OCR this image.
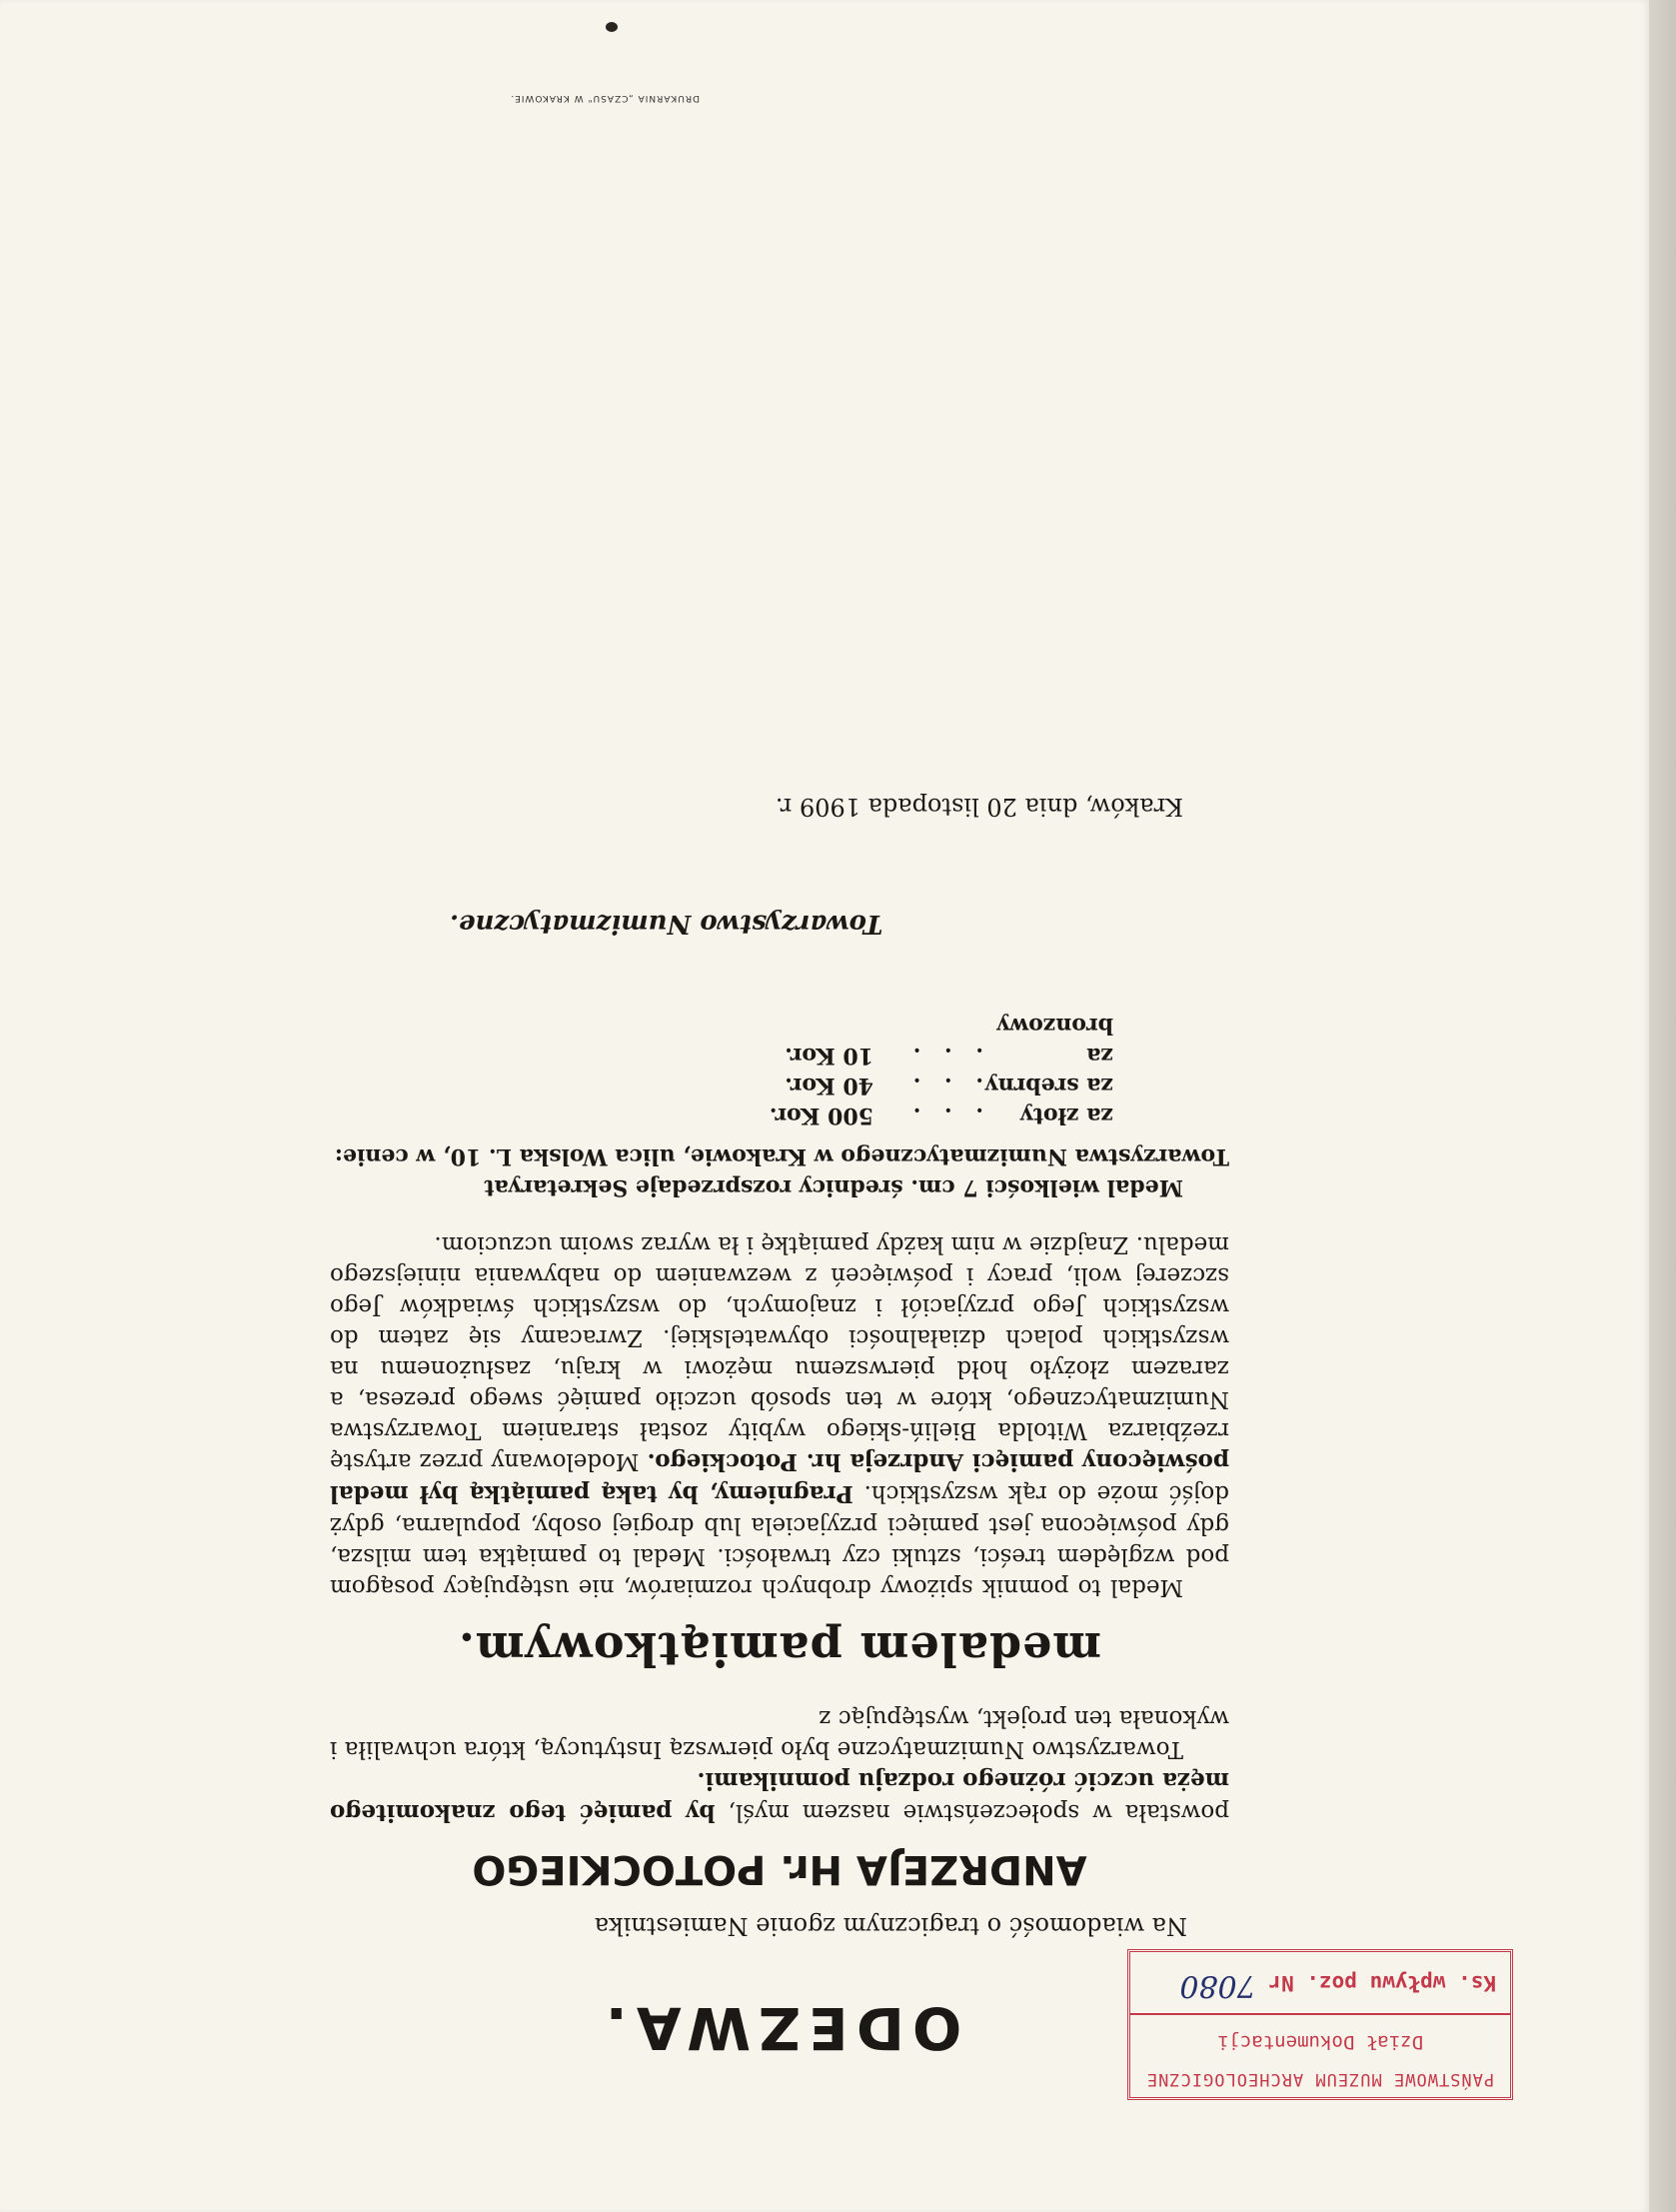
ODEZWA.

Na wiadomość o tragicznym zgonie Namiestnika

ANDRZEJA Hr. POTOCKIEGO

powstała w społeczeństwie naszem myśl, by pamięć tego znakomitego męża uczcić różnego rodzaju pomnikami.

Towarzystwo Numizmatyczne było pierwszą Instytucyą, która uchwaliła i wykonała ten projekt, występując z

medalem pamiątkowym.

Medal to pomnik spiżowy drobnych rozmiarów, nie ustępujący posągom pod względem treści, sztuki czy trwałości. Medal to pamiątka tem milsza, gdy poświęcona jest pamięci przyjaciela lub drogiej osoby, popularna, gdyż dojść może do rąk wszystkich. Pragniemy, by taką pamiątką był medal poświęcony pamięci Andrzeja hr. Potockiego. Modelowany przez artystę rzeźbiarza Witolda Bieliń-skiego wybity został staraniem Towarzystwa Numizmatycznego, które w ten sposób uczciło pamięć swego prezesa, a zarazem złożyło hołd pierwszemu mężowi w kraju, zasłużonemu na wszystkich polach działalności obywatelskiej. Zwracamy się zatem do wszystkich Jego przyjaciół i znajomych, do wszystkich świadków Jego szczerej woli, pracy i poświęceń z wezwaniem do nabywania niniejszego medalu. Znajdzie w nim każdy pamiątkę i ła wyraz swoim uczuciom.

Medal wielkości 7 cm. średnicy rozsprzedaje Sekretaryat Towarzystwa Numizmatycznego w Krakowie, ulica Wolska L. 10, w cenie:

za złoty
. . .
500 Kor.
za srebrny
. . .
40 Kor.
za bronzowy
. . .
10 Kor.

Towarzystwo Numizmatyczne.

Kraków, dnia 20 listopada 1909 r.

DRUKARNIA „CZASU" W KRAKOWIE.
PAŃSTWOWE MUZEUM ARCHEOLOGICZNE
Dział Dokumentacji
Ks. wpływu poz. Nr 7080
